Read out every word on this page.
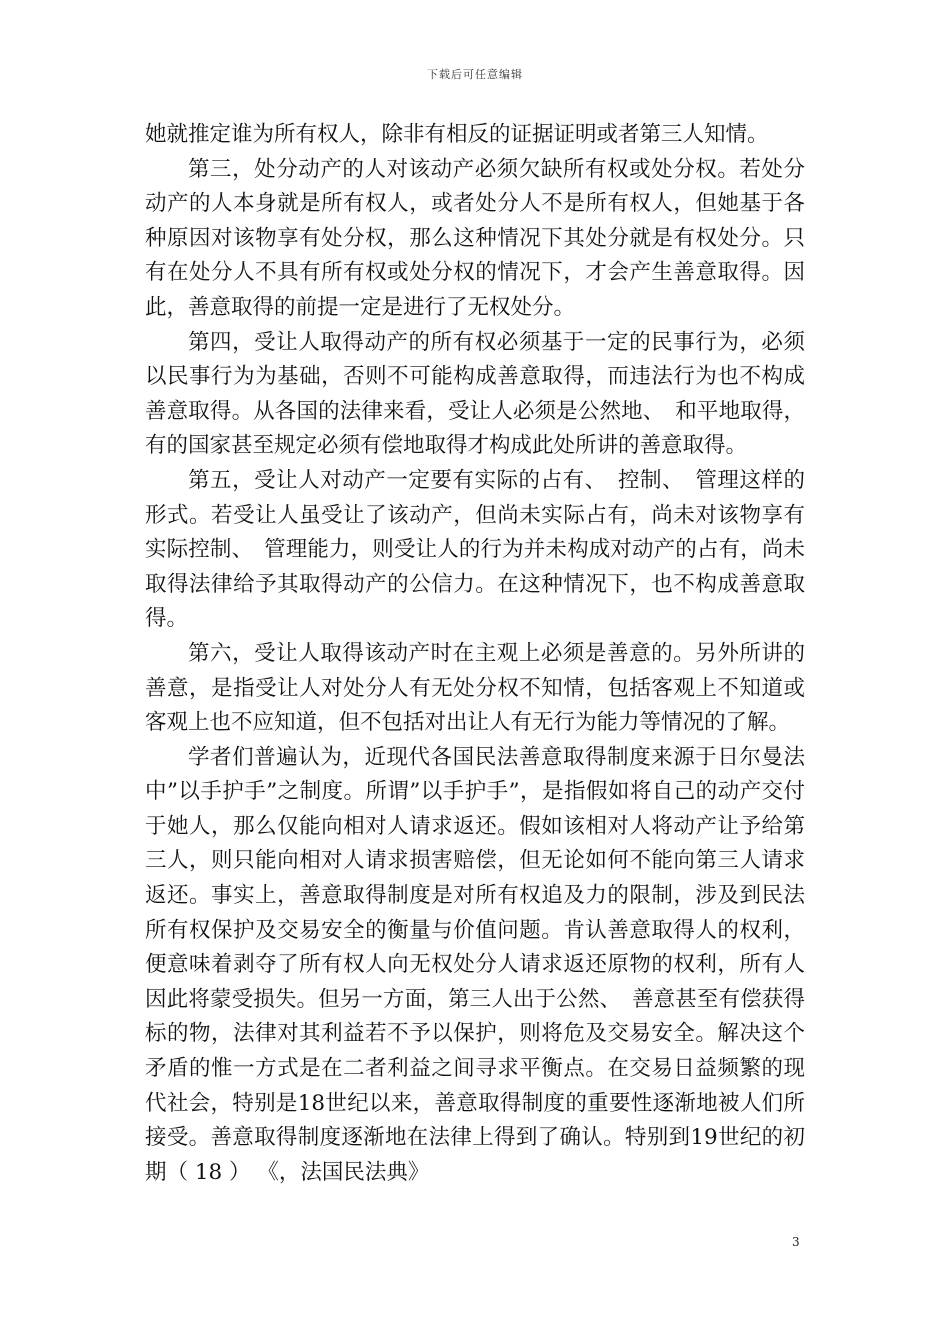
下载后可任意编辑

她就推定谁为所有权人，除非有相反的证据证明或者第三人知情。

第三，处分动产的人对该动产必须欠缺所有权或处分权。若处分动产的人本身就是所有权人，或者处分人不是所有权人，但她基于各种原因对该物享有处分权，那么这种情况下其处分就是有权处分。只有在处分人不具有所有权或处分权的情况下，才会产生善意取得。因此，善意取得的前提一定是进行了无权处分。

第四，受让人取得动产的所有权必须基于一定的民事行为，必须以民事行为为基础，否则不可能构成善意取得，而违法行为也不构成善意取得。从各国的法律来看，受让人必须是公然地、　和平地取得，有的国家甚至规定必须有偿地取得才构成此处所讲的善意取得。

第五，受让人对动产一定要有实际的占有、　控制、　管理这样的形式。若受让人虽受让了该动产，但尚未实际占有，尚未对该物享有实际控制、　管理能力，则受让人的行为并未构成对动产的占有，尚未取得法律给予其取得动产的公信力。在这种情况下，也不构成善意取得。

第六，受让人取得该动产时在主观上必须是善意的。另外所讲的善意，是指受让人对处分人有无处分权不知情，包括客观上不知道或客观上也不应知道，但不包括对出让人有无行为能力等情况的了解。

学者们普遍认为，近现代各国民法善意取得制度来源于日尔曼法中”以手护手”之制度。所谓”以手护手”，是指假如将自己的动产交付于她人，那么仅能向相对人请求返还。假如该相对人将动产让予给第三人，则只能向相对人请求损害赔偿，但无论如何不能向第三人请求返还。事实上，善意取得制度是对所有权追及力的限制，涉及到民法所有权保护及交易安全的衡量与价值问题。肯认善意取得人的权利，便意味着剥夺了所有权人向无权处分人请求返还原物的权利，所有人因此将蒙受损失。但另一方面，第三人出于公然、　善意甚至有偿获得标的物，法律对其利益若不予以保护，则将危及交易安全。解决这个矛盾的惟一方式是在二者利益之间寻求平衡点。在交易日益频繁的现代社会，特别是18世纪以来，善意取得制度的重要性逐渐地被人们所接受。善意取得制度逐渐地在法律上得到了确认。特别到19世纪的初期（ 18 ） 《，法国民法典》

3
